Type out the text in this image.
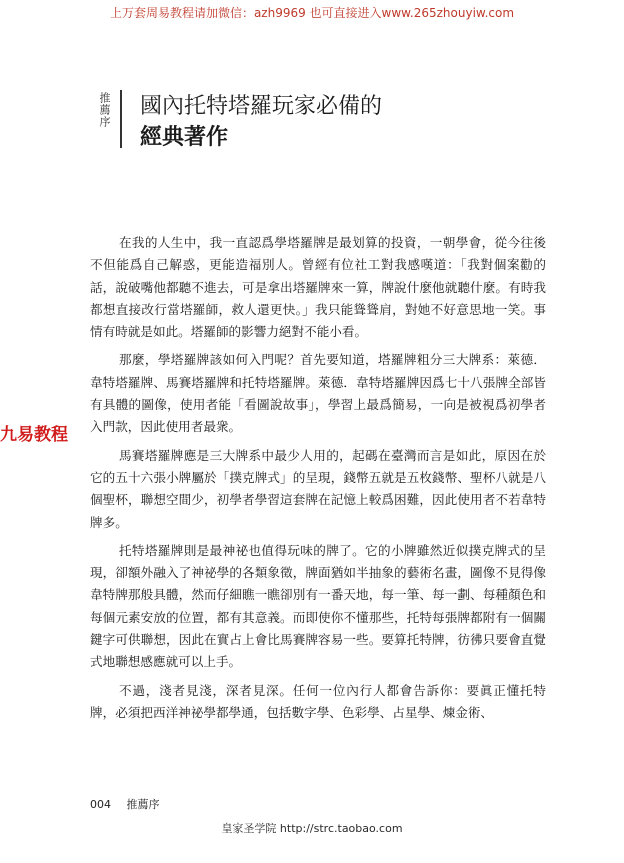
上万套周易教程请加微信：azh9969 也可直接进入www.265zhouyiw.com
推薦序 國內托特塔羅玩家必備的
經典著作

在我的人生中，我一直認爲學塔羅牌是最划算的投資，一朝學會，從今往後不但能爲自己解惑，更能造福別人。曾經有位社工對我感嘆道：「我對個案勸的話，說破嘴他都聽不進去，可是拿出塔羅牌來一算，牌說什麼他就聽什麼。有時我都想直接改行當塔羅師，救人還更快。」我只能聳聳肩，對她不好意思地一笑。事情有時就是如此。塔羅師的影響力絕對不能小看。

那麼，學塔羅牌該如何入門呢？首先要知道，塔羅牌粗分三大牌系：萊德．韋特塔羅牌、馬賽塔羅牌和托特塔羅牌。萊德．韋特塔羅牌因爲七十八張牌全部皆有具體的圖像，使用者能「看圖說故事」，學習上最爲簡易，一向是被視爲初學者入門款，因此使用者最衆。

馬賽塔羅牌應是三大牌系中最少人用的，起碼在臺灣而言是如此，原因在於它的五十六張小牌屬於「撲克牌式」的呈現，錢幣五就是五枚錢幣、聖杯八就是八個聖杯，聯想空間少，初學者學習這套牌在記憶上較爲困難，因此使用者不若韋特牌多。

托特塔羅牌則是最神祕也值得玩味的牌了。它的小牌雖然近似撲克牌式的呈現，卻額外融入了神祕學的各類象徵，牌面猶如半抽象的藝術名畫，圖像不見得像韋特牌那般具體，然而仔細瞧一瞧卻別有一番天地，每一筆、每一劃、每種顏色和每個元素安放的位置，都有其意義。而即使你不懂那些，托特每張牌都附有一個關鍵字可供聯想，因此在實占上會比馬賽牌容易一些。要算托特牌，彷彿只要會直覺式地聯想感應就可以上手。

不過，淺者見淺，深者見深。任何一位內行人都會告訴你：要眞正懂托特牌，必須把西洋神祕學都學通，包括數字學、色彩學、占星學、煉金術、

九易教程
004 推薦序
皇家圣学院 http://strc.taobao.com
